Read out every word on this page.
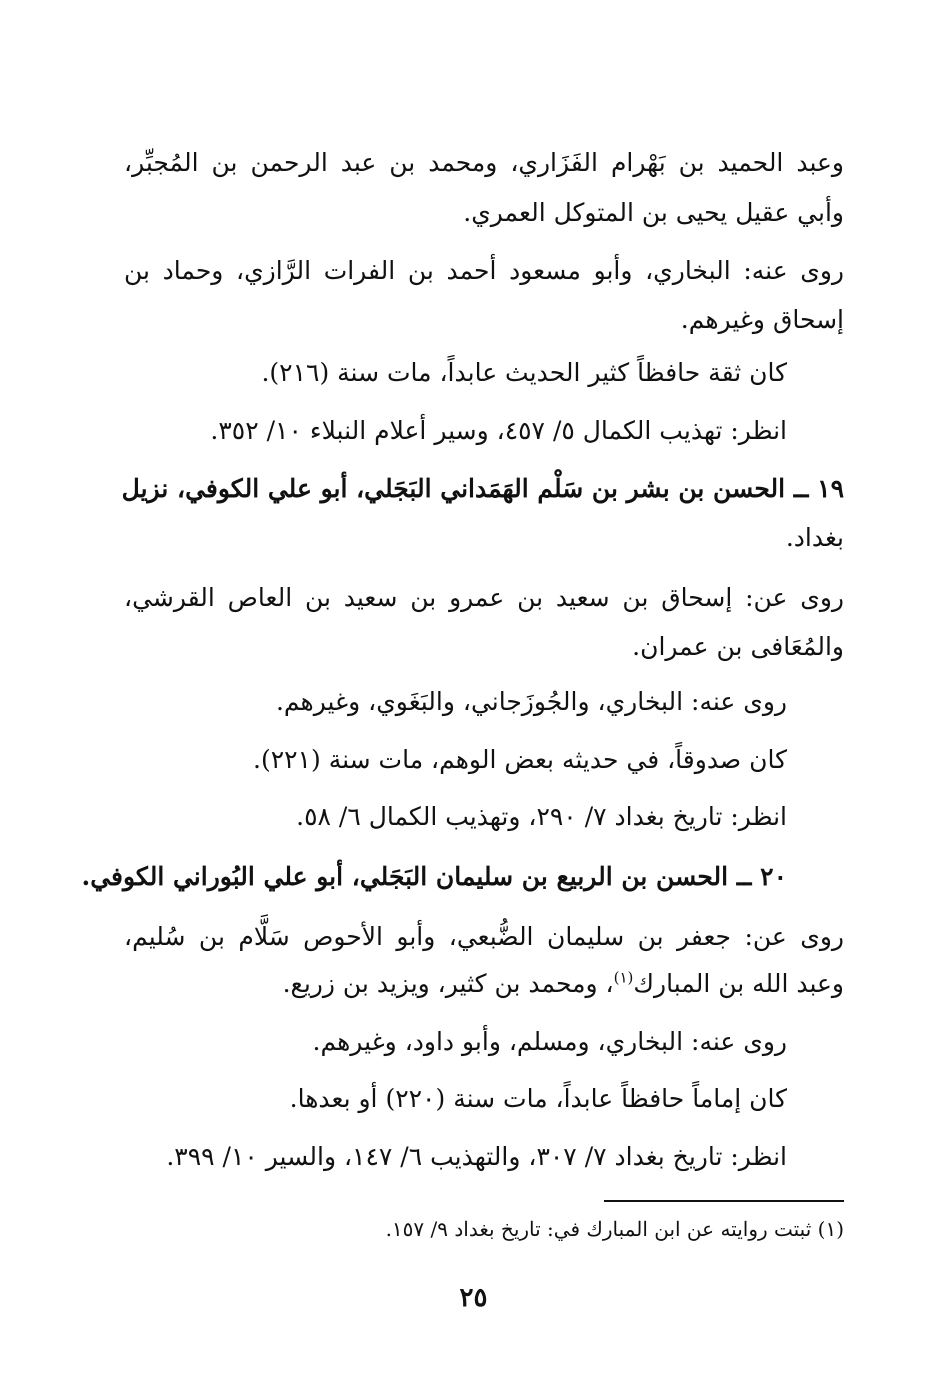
وعبد الحميد بن بَهْرام الفَزَاري، ومحمد بن عبد الرحمن بن المُجبِّر،
وأبي عقيل يحيى بن المتوكل العمري.
روى عنه: البخاري، وأبو مسعود أحمد بن الفرات الرَّازي، وحماد بن
إسحاق وغيرهم.
كان ثقة حافظاً كثير الحديث عابداً، مات سنة (٢١٦).
انظر: تهذيب الكمال ٥/ ٤٥٧، وسير أعلام النبلاء ١٠/ ٣٥٢.
١٩ ــ الحسن بن بشر بن سَلْم الهَمَداني البَجَلي، أبو علي الكوفي، نزيل
بغداد.
روى عن: إسحاق بن سعيد بن عمرو بن سعيد بن العاص القرشي،
والمُعَافى بن عمران.
روى عنه: البخاري، والجُوزَجاني، والبَغَوي، وغيرهم.
كان صدوقاً، في حديثه بعض الوهم، مات سنة (٢٢١).
انظر: تاريخ بغداد ٧/ ٢٩٠، وتهذيب الكمال ٦/ ٥٨.
٢٠ ــ الحسن بن الربيع بن سليمان البَجَلي، أبو علي البُوراني الكوفي.
روى عن: جعفر بن سليمان الضُّبعي، وأبو الأحوص سَلَّام بن سُليم،
وعبد الله بن المبارك$^{(١)}$، ومحمد بن كثير، ويزيد بن زريع.
روى عنه: البخاري، ومسلم، وأبو داود، وغيرهم.
كان إماماً حافظاً عابداً، مات سنة (٢٢٠) أو بعدها.
انظر: تاريخ بغداد ٧/ ٣٠٧، والتهذيب ٦/ ١٤٧، والسير ١٠/ ٣٩٩.
(١) ثبتت روايته عن ابن المبارك في: تاريخ بغداد ٩/ ١٥٧.
٢٥
